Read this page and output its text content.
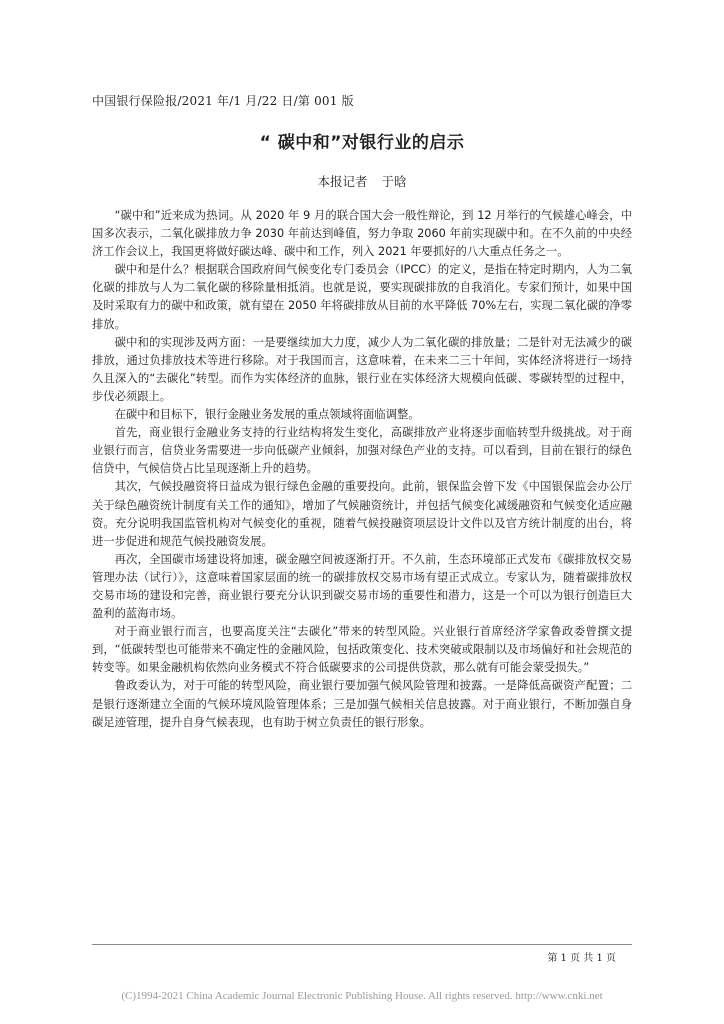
中国银行保险报/2021 年/1 月/22 日/第 001 版
“ 碳中和”对银行业的启示
本报记者 于晗

“碳中和”近来成为热词。从 2020 年 9 月的联合国大会一般性辩论，到 12 月举行的气候雄心峰会，中国多次表示，二氧化碳排放力争 2030 年前达到峰值，努力争取 2060 年前实现碳中和。在不久前的中央经济工作会议上，我国更将做好碳达峰、碳中和工作，列入 2021 年要抓好的八大重点任务之一。

碳中和是什么？根据联合国政府间气候变化专门委员会（IPCC）的定义，是指在特定时期内，人为二氧化碳的排放与人为二氧化碳的移除量相抵消。也就是说，要实现碳排放的自我消化。专家们预计，如果中国及时采取有力的碳中和政策，就有望在 2050 年将碳排放从目前的水平降低 70%左右，实现二氧化碳的净零排放。

碳中和的实现涉及两方面：一是要继续加大力度，减少人为二氧化碳的排放量；二是针对无法减少的碳排放，通过负排放技术等进行移除。对于我国而言，这意味着，在未来二三十年间，实体经济将进行一场持久且深入的“去碳化”转型。而作为实体经济的血脉，银行业在实体经济大规模向低碳、零碳转型的过程中，步伐必须跟上。

在碳中和目标下，银行金融业务发展的重点领域将面临调整。

首先，商业银行金融业务支持的行业结构将发生变化，高碳排放产业将逐步面临转型升级挑战。对于商业银行而言，信贷业务需要进一步向低碳产业倾斜，加强对绿色产业的支持。可以看到，目前在银行的绿色信贷中，气候信贷占比呈现逐渐上升的趋势。

其次，气候投融资将日益成为银行绿色金融的重要投向。此前，银保监会曾下发《中国银保监会办公厅关于绿色融资统计制度有关工作的通知》，增加了气候融资统计，并包括气候变化减缓融资和气候变化适应融资。充分说明我国监管机构对气候变化的重视，随着气候投融资项层设计文件以及官方统计制度的出台，将进一步促进和规范气候投融资发展。

再次，全国碳市场建设将加速，碳金融空间被逐渐打开。不久前，生态环境部正式发布《碳排放权交易管理办法（试行）》，这意味着国家层面的统一的碳排放权交易市场有望正式成立。专家认为，随着碳排放权交易市场的建设和完善，商业银行要充分认识到碳交易市场的重要性和潜力，这是一个可以为银行创造巨大盈利的蓝海市场。

对于商业银行而言，也要高度关注“去碳化”带来的转型风险。兴业银行首席经济学家鲁政委曾撰文提到，“低碳转型也可能带来不确定性的金融风险，包括政策变化、技术突破或限制以及市场偏好和社会规范的转变等。如果金融机构依然向业务模式不符合低碳要求的公司提供贷款，那么就有可能会蒙受损失。”

鲁政委认为，对于可能的转型风险，商业银行要加强气候风险管理和披露。一是降低高碳资产配置；二是银行逐渐建立全面的气候环境风险管理体系；三是加强气候相关信息披露。对于商业银行，不断加强自身碳足迹管理，提升自身气候表现，也有助于树立负责任的银行形象。

第 1 页 共 1 页
(C)1994-2021 China Academic Journal Electronic Publishing House. All rights reserved. http://www.cnki.net
